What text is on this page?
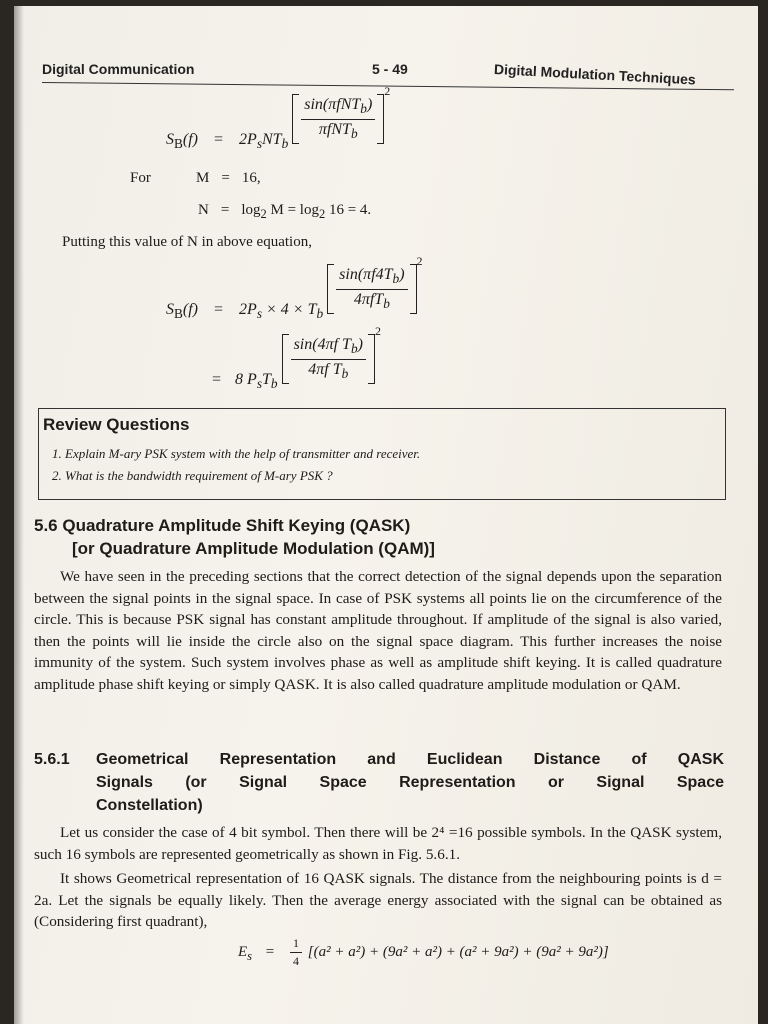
Digital Communication	5 - 49	Digital Modulation Techniques
$S_B(f) = 2P_sNT_b$
$\frac{\sin(\pi fNT_b)}{\pi fNT_b}$
$^2$
For	M = 16,
$N = \log_2 M = \log_2 16 = 4$.
Putting this value of N in above equation,
$S_B(f) = 2P_s \times 4 \times T_b$
$\frac{\sin(\pi f4T_b)}{4\pi fT_b}$
$^2$
= 8 $P_sT_b$
$\frac{\sin(4\pi f T_b)}{4\pi f T_b}$
$^2$
Review Questions
1. Explain M-ary PSK system with the help of transmitter and receiver.
2. What is the bandwidth requirement of M-ary PSK ?
5.6 Quadrature Amplitude Shift Keying (QASK)
[or Quadrature Amplitude Modulation (QAM)]
We have seen in the preceding sections that the correct detection of the signal depends upon the separation between the signal points in the signal space. In case of PSK systems all points lie on the circumference of the circle. This is because PSK signal has constant amplitude throughout. If amplitude of the signal is also varied, then the points will lie inside the circle also on the signal space diagram. This further increases the noise immunity of the system. Such system involves phase as well as amplitude shift keying. It is called quadrature amplitude phase shift keying or simply QASK. It is also called quadrature amplitude modulation or QAM.
5.6.1	Geometrical Representation and Euclidean Distance of QASK
Signals (or Signal Space Representation or Signal Space
Constellation)
Let us consider the case of 4 bit symbol. Then there will be 2⁴ =16 possible symbols. In the QASK system, such 16 symbols are represented geometrically as shown in Fig. 5.6.1.
It shows Geometrical representation of 16 QASK signals. The distance from the neighbouring points is d = 2a. Let the signals be equally likely. Then the average energy associated with the signal can be obtained as (Considering first quadrant),
$E_s = \frac{1}{4} [(a^2 + a^2) + (9a^2 + a^2) + (a^2 + 9a^2) + (9a^2 + 9a^2)]$
